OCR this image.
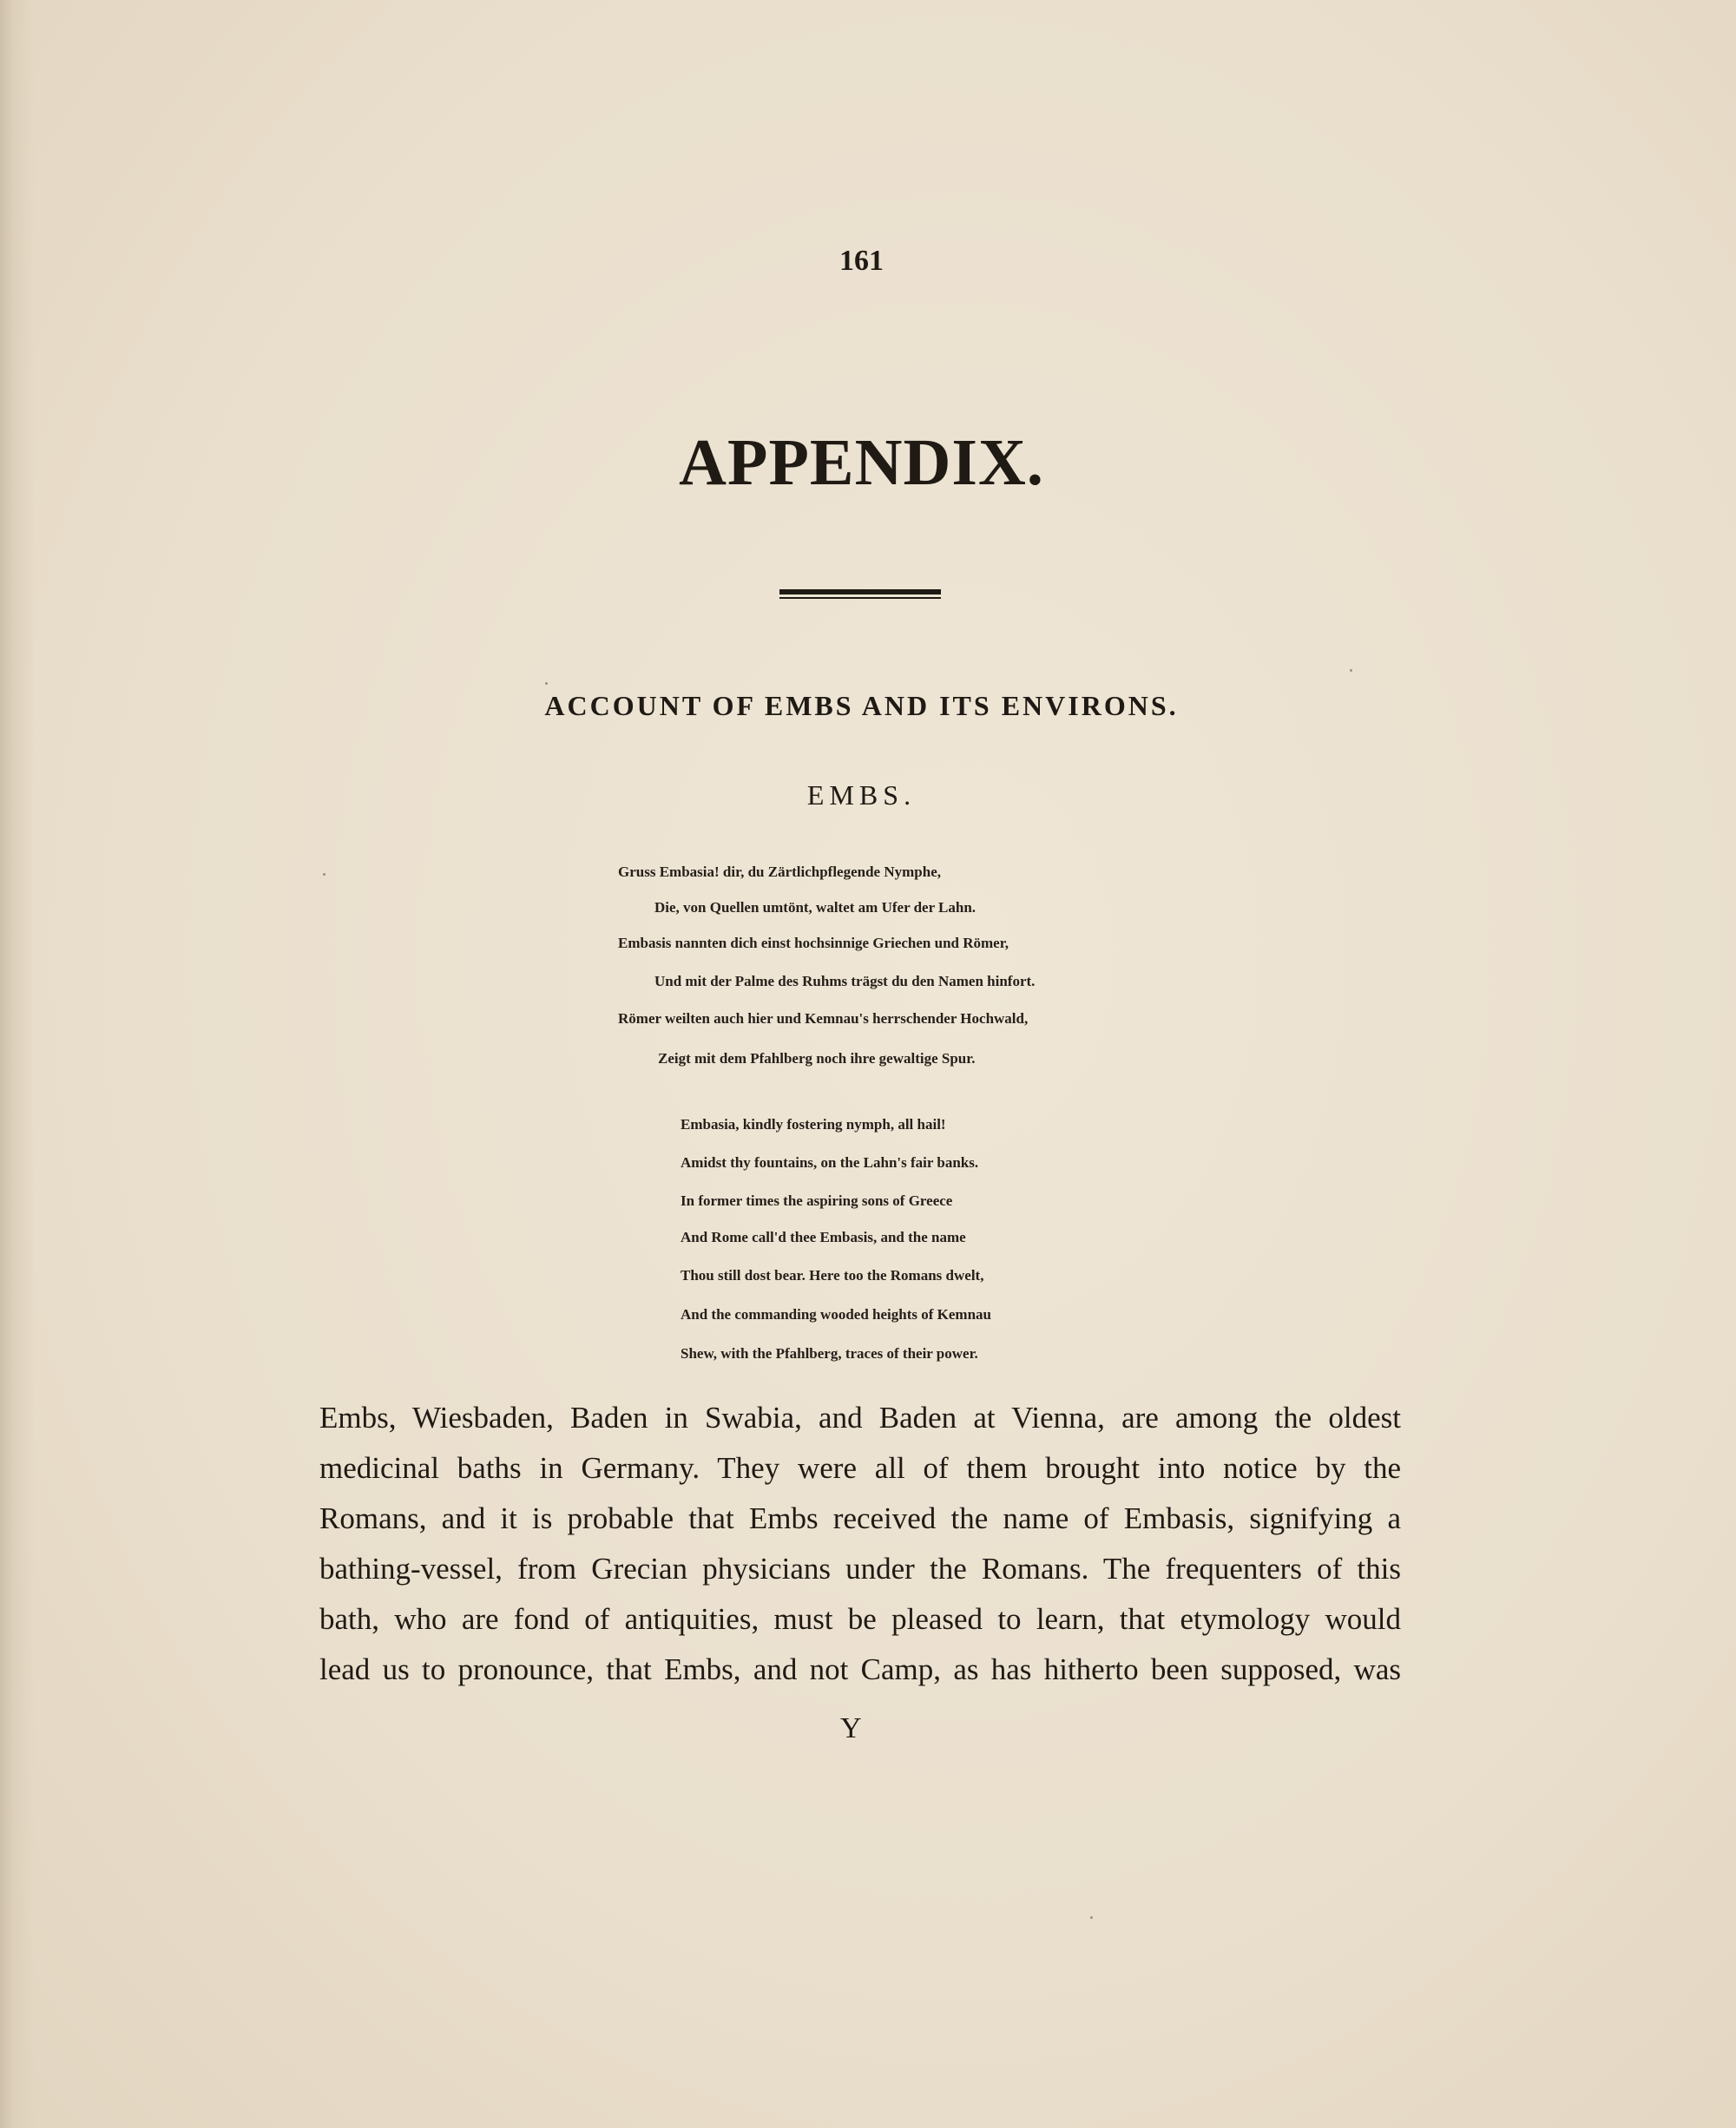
161
APPENDIX.
ACCOUNT OF EMBS AND ITS ENVIRONS.
EMBS.
Gruss Embasia! dir, du Zärtlichpflegende Nymphe,
Die, von Quellen umtönt, waltet am Ufer der Lahn.
Embasis nannten dich einst hochsinnige Griechen und Römer,
Und mit der Palme des Ruhms trägst du den Namen hinfort.
Römer weilten auch hier und Kemnau's herrschender Hochwald,
Zeigt mit dem Pfahlberg noch ihre gewaltige Spur.
Embasia, kindly fostering nymph, all hail!
Amidst thy fountains, on the Lahn's fair banks.
In former times the aspiring sons of Greece
And Rome call'd thee Embasis, and the name
Thou still dost bear. Here too the Romans dwelt,
And the commanding wooded heights of Kemnau
Shew, with the Pfahlberg, traces of their power.
Embs, Wiesbaden, Baden in Swabia, and Baden at Vienna, are among the oldest
medicinal baths in Germany. They were all of them brought into notice by the
Romans, and it is probable that Embs received the name of Embasis, signifying a
bathing-vessel, from Grecian physicians under the Romans. The frequenters of this
bath, who are fond of antiquities, must be pleased to learn, that etymology would
lead us to pronounce, that Embs, and not Camp, as has hitherto been supposed, was
Y
